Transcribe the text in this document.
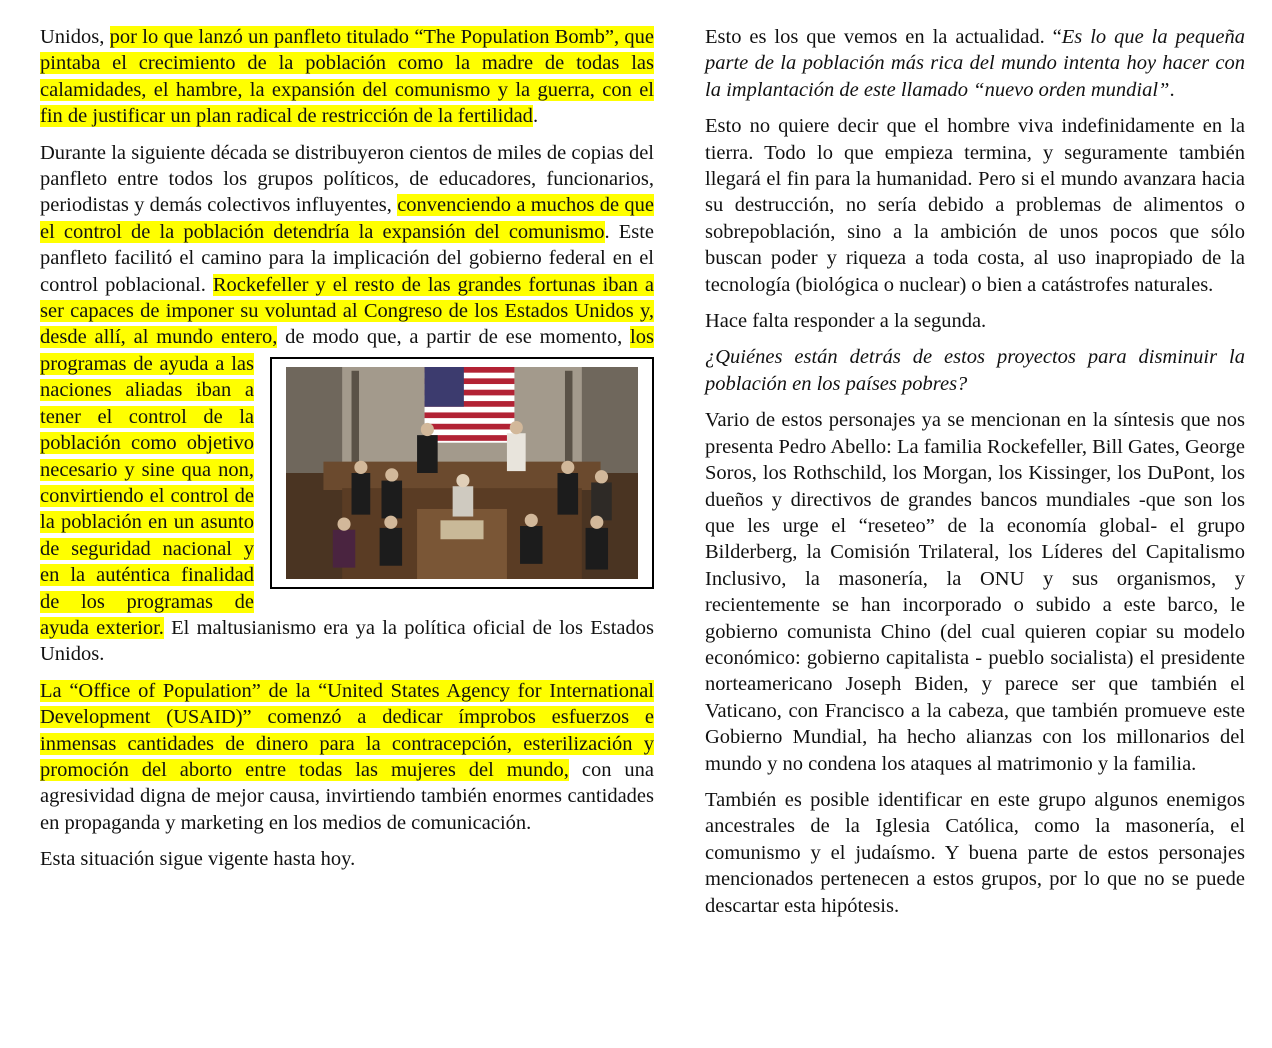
Unidos, por lo que lanzó un panfleto titulado “The Population Bomb”, que pintaba el crecimiento de la población como la madre de todas las calamidades, el hambre, la expansión del comunismo y la guerra, con el fin de justificar un plan radical de restricción de la fertilidad.

Durante la siguiente década se distribuyeron cientos de miles de copias del panfleto entre todos los grupos políticos, de educadores, funcionarios, periodistas y demás colectivos influyentes, convenciendo a muchos de que el control de la población detendría la expansión del comunismo. Este panfleto facilitó el camino para la implicación del gobierno federal en el control poblacional. Rockefeller y el resto de las grandes fortunas iban a ser capaces de imponer su voluntad al Congreso de los Estados Unidos y, desde allí, al mundo entero,
de modo que, a partir de ese momento, los programas de ayuda a las naciones aliadas iban a tener el control de la población como objetivo necesario y sine qua non, convirtiendo el control de la población en un asunto de seguridad nacional y en la auténtica finalidad de los programas de ayuda exterior. El maltusianismo era ya la política oficial de los Estados Unidos.

La “Office of Population” de la “United States Agency for International Development (USAID)” comenzó a dedicar ímprobos esfuerzos e inmensas cantidades de dinero para la contracepción, esterilización y promoción del aborto entre todas las mujeres del mundo, con una agresividad digna de mejor causa, invirtiendo también enormes cantidades en propaganda y marketing en los medios de comunicación.

Esta situación sigue vigente hasta hoy.

Esto es los que vemos en la actualidad. “Es lo que la pequeña parte de la población más rica del mundo intenta hoy hacer con la implantación de este llamado “nuevo orden mundial”.

Esto no quiere decir que el hombre viva indefinidamente en la tierra. Todo lo que empieza termina, y seguramente también llegará el fin para la humanidad. Pero si el mundo avanzara hacia su destrucción, no sería debido a problemas de alimentos o sobrepoblación, sino a la ambición de unos pocos que sólo buscan poder y riqueza a toda costa, al uso inapropiado de la tecnología (biológica o nuclear) o bien a catástrofes naturales.

Hace falta responder a la segunda.

¿Quiénes están detrás de estos proyectos para disminuir la población en los países pobres?

Vario de estos personajes ya se mencionan en la síntesis que nos presenta Pedro Abello: La familia Rockefeller, Bill Gates, George Soros, los Rothschild, los Morgan, los Kissinger, los DuPont, los dueños y directivos de grandes bancos mundiales -que son los que les urge el “reseteo” de la economía global- el grupo Bilderberg, la Comisión Trilateral, los Líderes del Capitalismo Inclusivo, la masonería, la ONU y sus organismos, y recientemente se han incorporado o subido a este barco, le gobierno comunista Chino (del cual quieren copiar su modelo económico: gobierno capitalista - pueblo socialista) el presidente norteamericano Joseph Biden, y parece ser que también el Vaticano, con Francisco a la cabeza, que también promueve este Gobierno Mundial, ha hecho alianzas con los millonarios del mundo y no condena los ataques al matrimonio y la familia.

También es posible identificar en este grupo algunos enemigos ancestrales de la Iglesia Católica, como la masonería, el comunismo y el judaísmo. Y buena parte de estos personajes mencionados pertenecen a estos grupos, por lo que no se puede descartar esta hipótesis.
